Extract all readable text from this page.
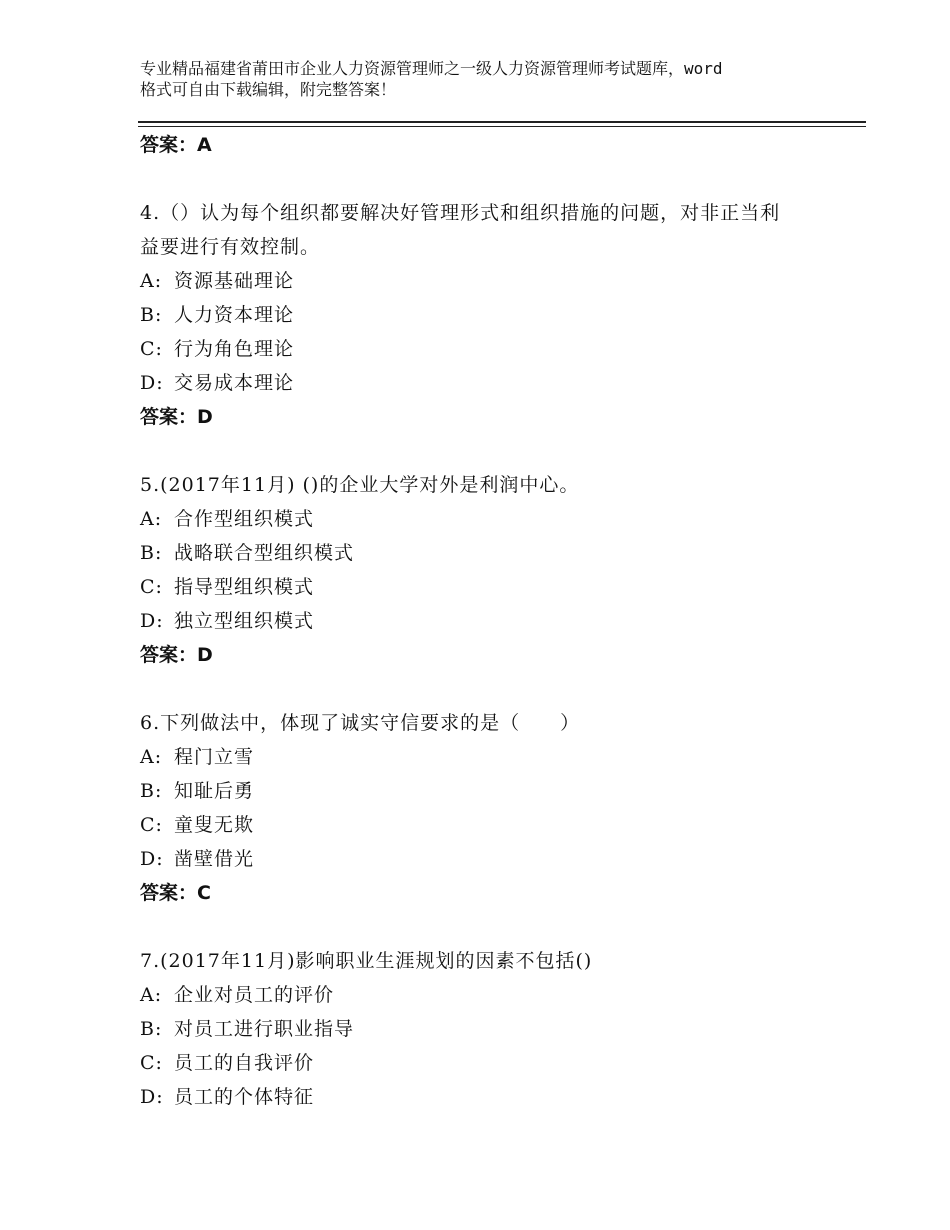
专业精品福建省莆田市企业人力资源管理师之一级人力资源管理师考试题库，word
格式可自由下载编辑，附完整答案！
答案：A
4.（）认为每个组织都要解决好管理形式和组织措施的问题，对非正当利益要进行有效控制。
A: 资源基础理论
B: 人力资本理论
C: 行为角色理论
D: 交易成本理论
答案：D
5.(2017年11月) ()的企业大学对外是利润中心。
A: 合作型组织模式
B: 战略联合型组织模式
C: 指导型组织模式
D: 独立型组织模式
答案：D
6.下列做法中，体现了诚实守信要求的是（　　）
A: 程门立雪
B: 知耻后勇
C: 童叟无欺
D: 凿壁借光
答案：C
7.(2017年11月)影响职业生涯规划的因素不包括()
A: 企业对员工的评价
B: 对员工进行职业指导
C: 员工的自我评价
D: 员工的个体特征
